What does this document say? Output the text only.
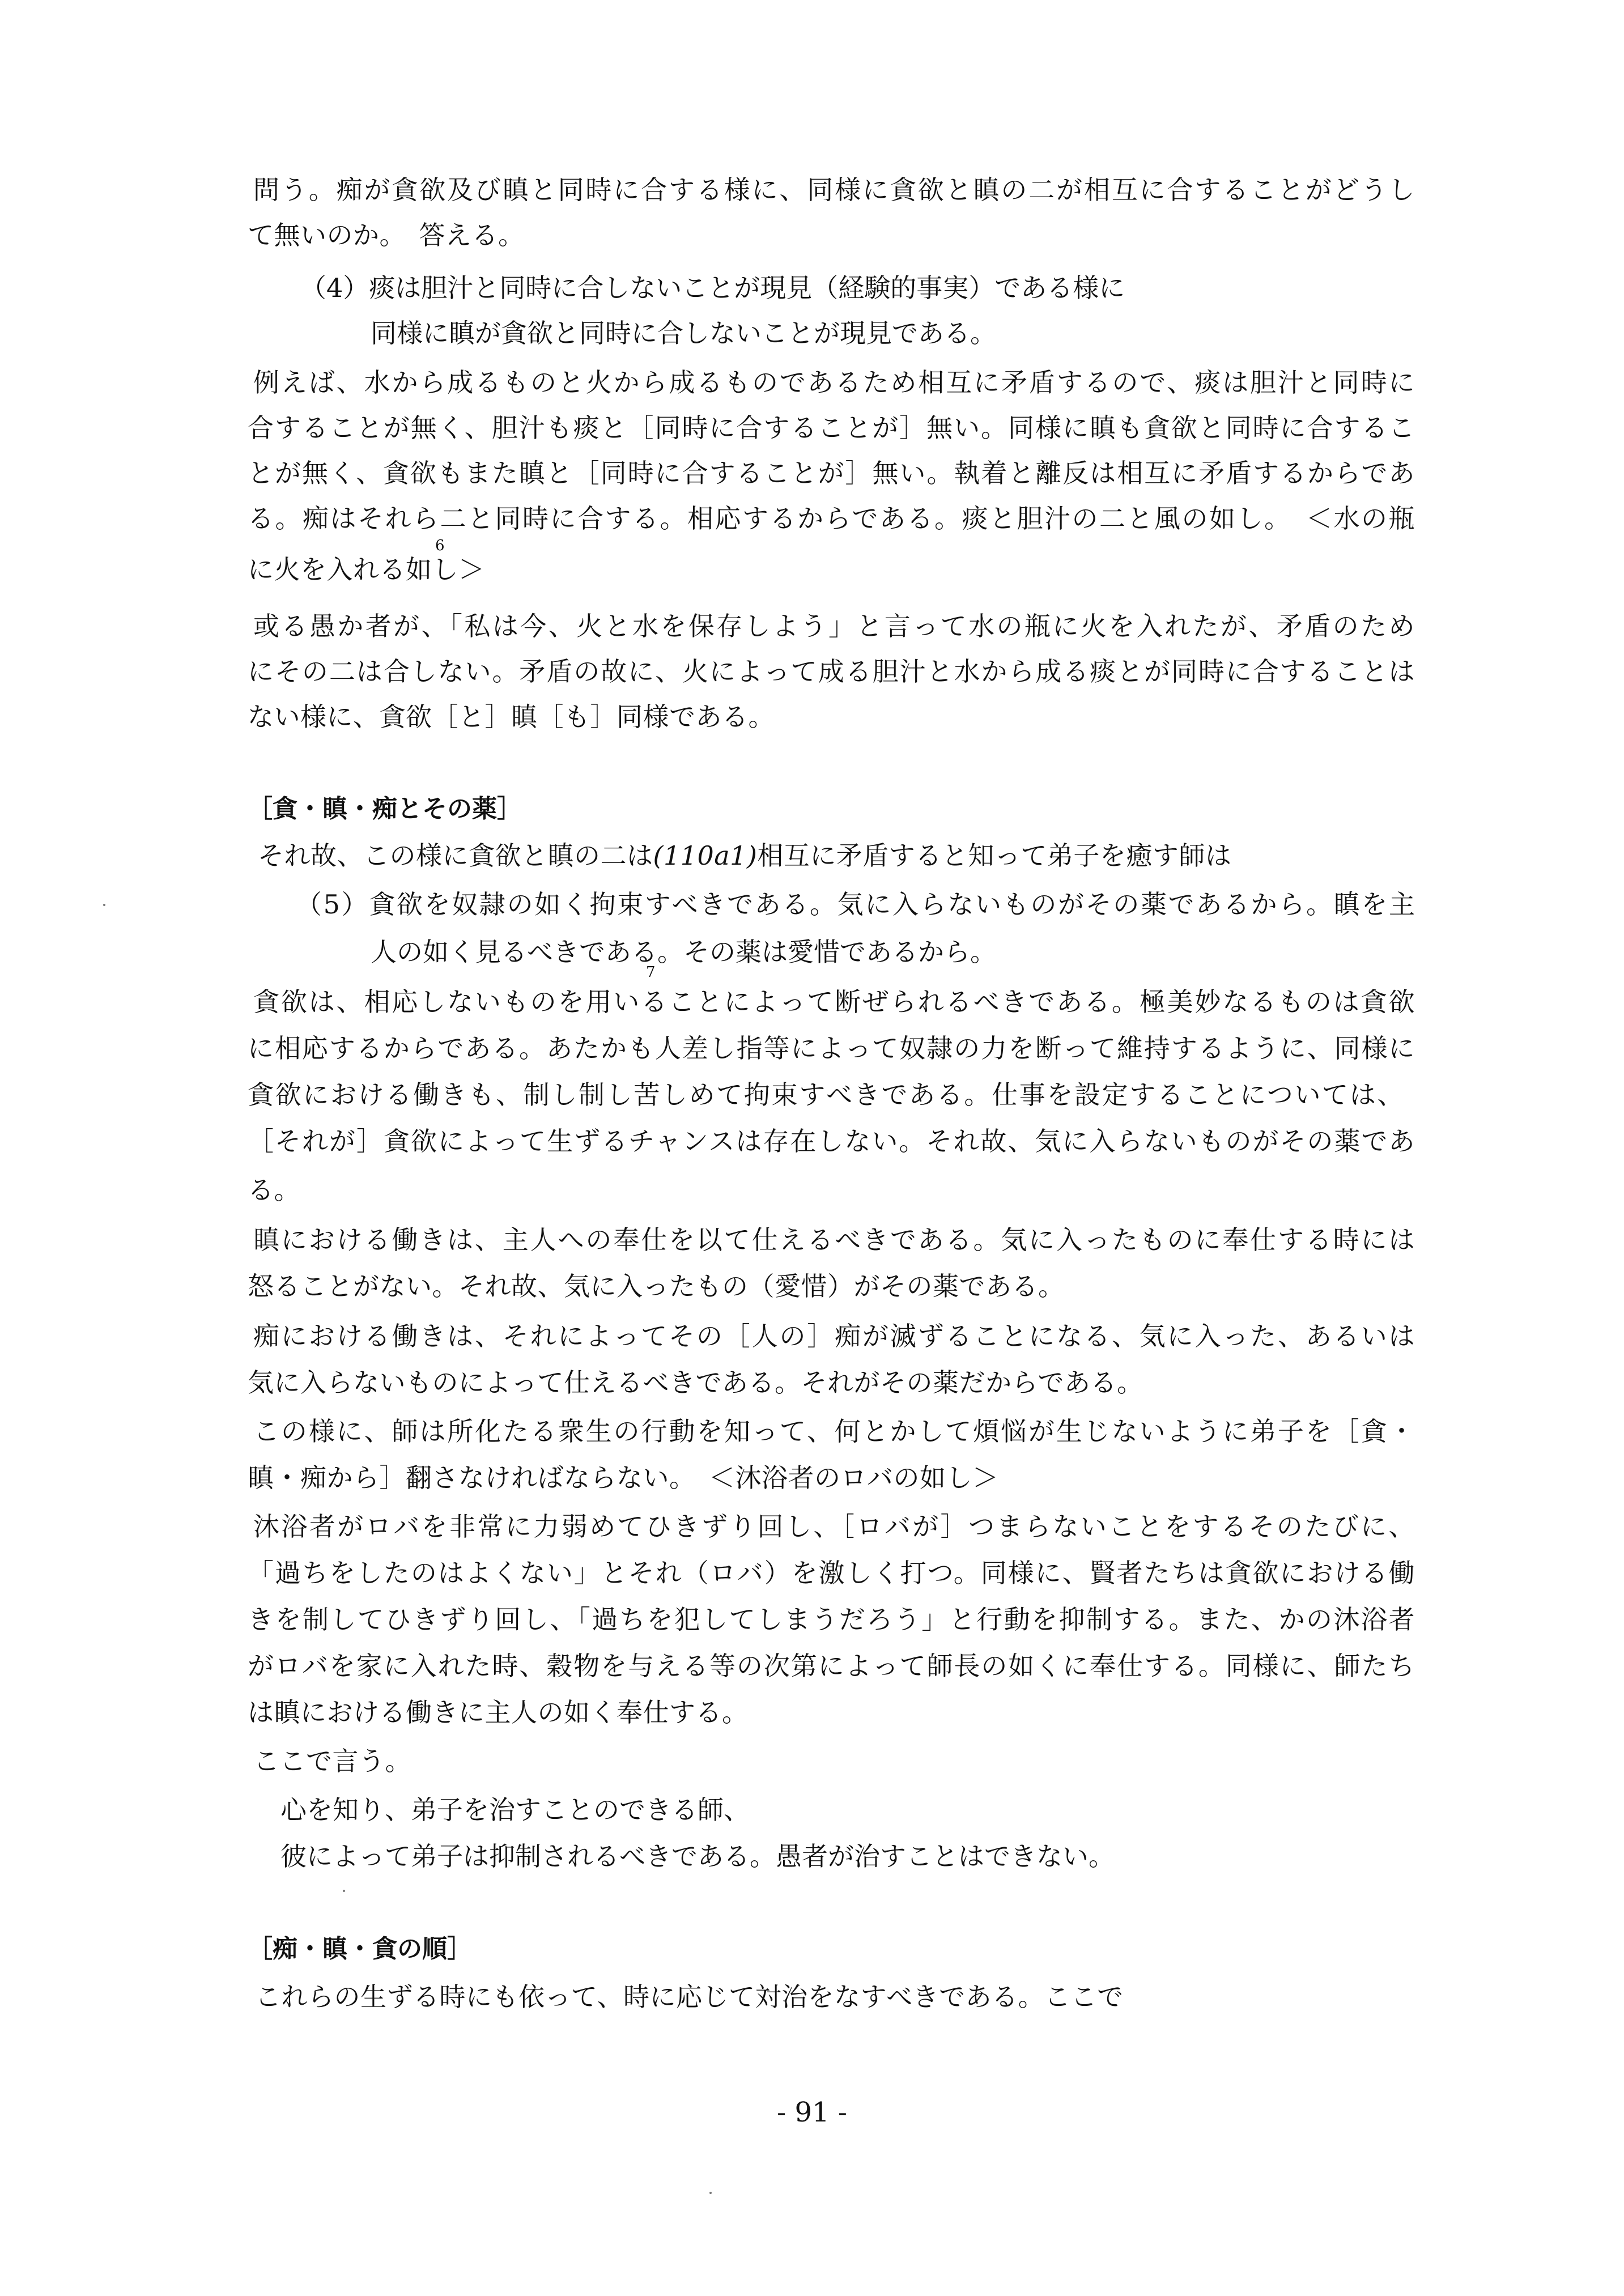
問う。痴が貪欲及び瞋と同時に合する様に、同様に貪欲と瞋の二が相互に合することがどうし
て無いのか。　答える。
（4）痰は胆汁と同時に合しないことが現見（経験的事実）である様に
同様に瞋が貪欲と同時に合しないことが現見である。
例えば、水から成るものと火から成るものであるため相互に矛盾するので、痰は胆汁と同時に
合することが無く、胆汁も痰と［同時に合することが］無い。同様に瞋も貪欲と同時に合するこ
とが無く、貪欲もまた瞋と［同時に合することが］無い。執着と離反は相互に矛盾するからであ
る。痴はそれら二と同時に合する。相応するからである。痰と胆汁の二と風の如し。　＜水の瓶
6
に火を入れる如し＞
或る愚か者が、「私は今、火と水を保存しよう」と言って水の瓶に火を入れたが、矛盾のため
にその二は合しない。矛盾の故に、火によって成る胆汁と水から成る痰とが同時に合することは
ない様に、貪欲［と］瞋［も］同様である。
［貪・瞋・痴とその薬］
それ故、この様に貪欲と瞋の二は(110a1)相互に矛盾すると知って弟子を癒す師は
（5）貪欲を奴隷の如く拘束すべきである。気に入らないものがその薬であるから。瞋を主
人の如く見るべきである。その薬は愛惜であるから。
7
貪欲は、相応しないものを用いることによって断ぜられるべきである。極美妙なるものは貪欲
に相応するからである。あたかも人差し指等によって奴隷の力を断って維持するように、同様に
貪欲における働きも、制し制し苦しめて拘束すべきである。仕事を設定することについては、
［それが］貪欲によって生ずるチャンスは存在しない。それ故、気に入らないものがその薬であ
る。
瞋における働きは、主人への奉仕を以て仕えるべきである。気に入ったものに奉仕する時には
怒ることがない。それ故、気に入ったもの（愛惜）がその薬である。
痴における働きは、それによってその［人の］痴が滅ずることになる、気に入った、あるいは
気に入らないものによって仕えるべきである。それがその薬だからである。
この様に、師は所化たる衆生の行動を知って、何とかして煩悩が生じないように弟子を［貪・
瞋・痴から］翻さなければならない。　＜沐浴者のロバの如し＞
沐浴者がロバを非常に力弱めてひきずり回し、［ロバが］つまらないことをするそのたびに、
「過ちをしたのはよくない」とそれ（ロバ）を激しく打つ。同様に、賢者たちは貪欲における働
きを制してひきずり回し、「過ちを犯してしまうだろう」と行動を抑制する。また、かの沐浴者
がロバを家に入れた時、穀物を与える等の次第によって師長の如くに奉仕する。同様に、師たち
は瞋における働きに主人の如く奉仕する。
ここで言う。
心を知り、弟子を治すことのできる師、
彼によって弟子は抑制されるべきである。愚者が治すことはできない。
［痴・瞋・貪の順］
これらの生ずる時にも依って、時に応じて対治をなすべきである。ここで
- 91 -
